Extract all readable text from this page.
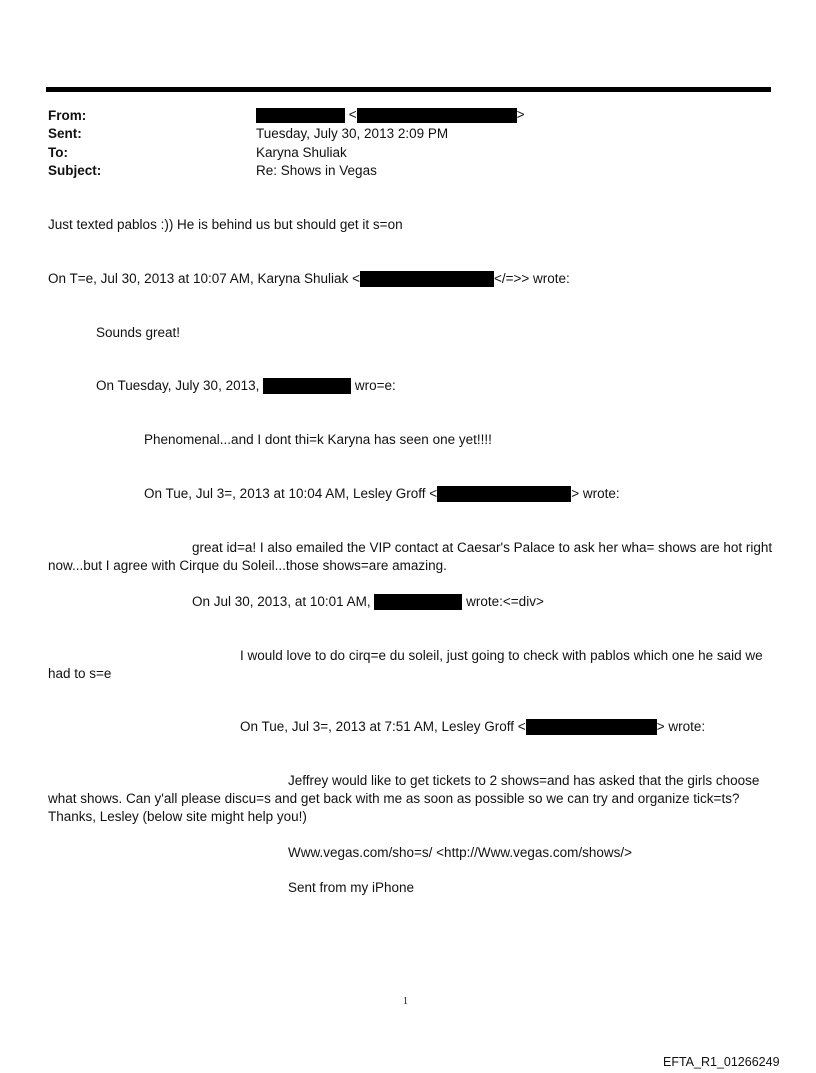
From:	<	>
Sent:	Tuesday, July 30, 2013 2:09 PM
To:	Karyna Shuliak
Subject:	Re: Shows in Vegas
Just texted pablos :)) He is behind us but should get it s=on
On T=e, Jul 30, 2013 at 10:07 AM, Karyna Shuliak <	</=>> wrote:
Sounds great!
On Tuesday, July 30, 2013,	wro=e:
Phenomenal...and I dont thi=k Karyna has seen one yet!!!!
On Tue, Jul 3=, 2013 at 10:04 AM, Lesley Groff <	> wrote:
great id=a! I also emailed the VIP contact at Caesar's Palace to ask her wha= shows are hot right
now...but I agree with Cirque du Soleil...those shows=are amazing.
On Jul 30, 2013, at 10:01 AM,	wrote:<=div>
I would love to do cirq=e du soleil, just going to check with pablos which one he said we
had to s=e
On Tue, Jul 3=, 2013 at 7:51 AM, Lesley Groff <	> wrote:
Jeffrey would like to get tickets to 2 shows=and has asked that the girls choose
what shows. Can y'all please discu=s and get back with me as soon as possible so we can try and organize tick=ts?
Thanks, Lesley (below site might help you!)
Www.vegas.com/sho=s/ <http://Www.vegas.com/shows/>
Sent from my iPhone
1
EFTA_R1_01266249
